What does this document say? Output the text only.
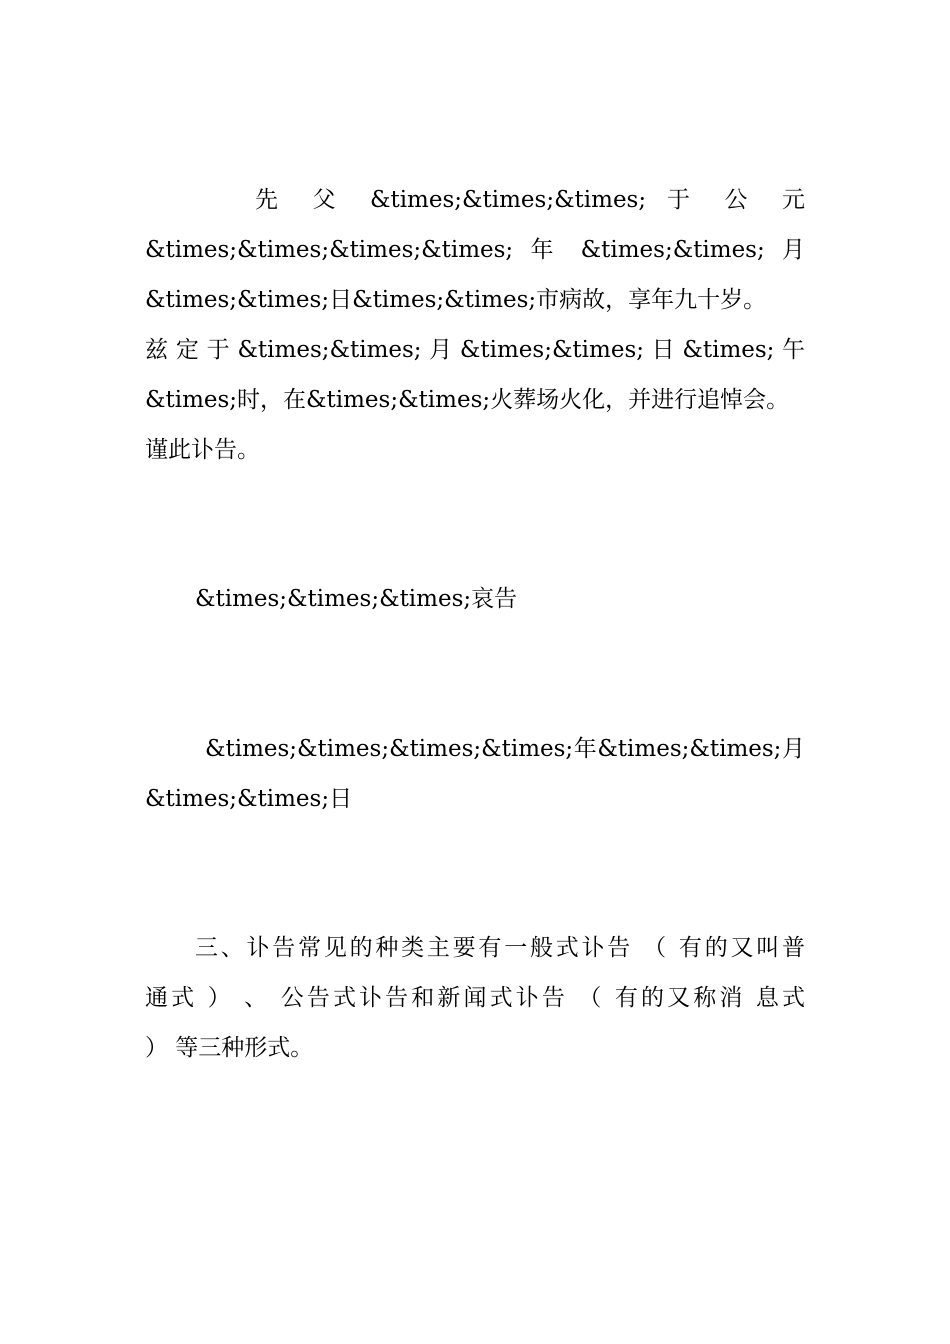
先 父 &times;&times;&times; 于 公 元
&times;&times;&times;&times; 年 &times;&times; 月
&times;&times;日&times;&times;市病故，享年九十岁。
兹 定 于 &times;&times; 月 &times;&times; 日 &times; 午
&times;时，在&times;&times;火葬场火化，并进行追悼会。
谨此讣告。
&times;&times;&times;哀告
&times;&times;&times;&times;年&times;&times;月
&times;&times;日
三、讣告常见的种类主要有一般式讣告 （ 有的又叫普
通式 ） 、 公告式讣告和新闻式讣告 （ 有的又称消 息式
） 等三种形式。
